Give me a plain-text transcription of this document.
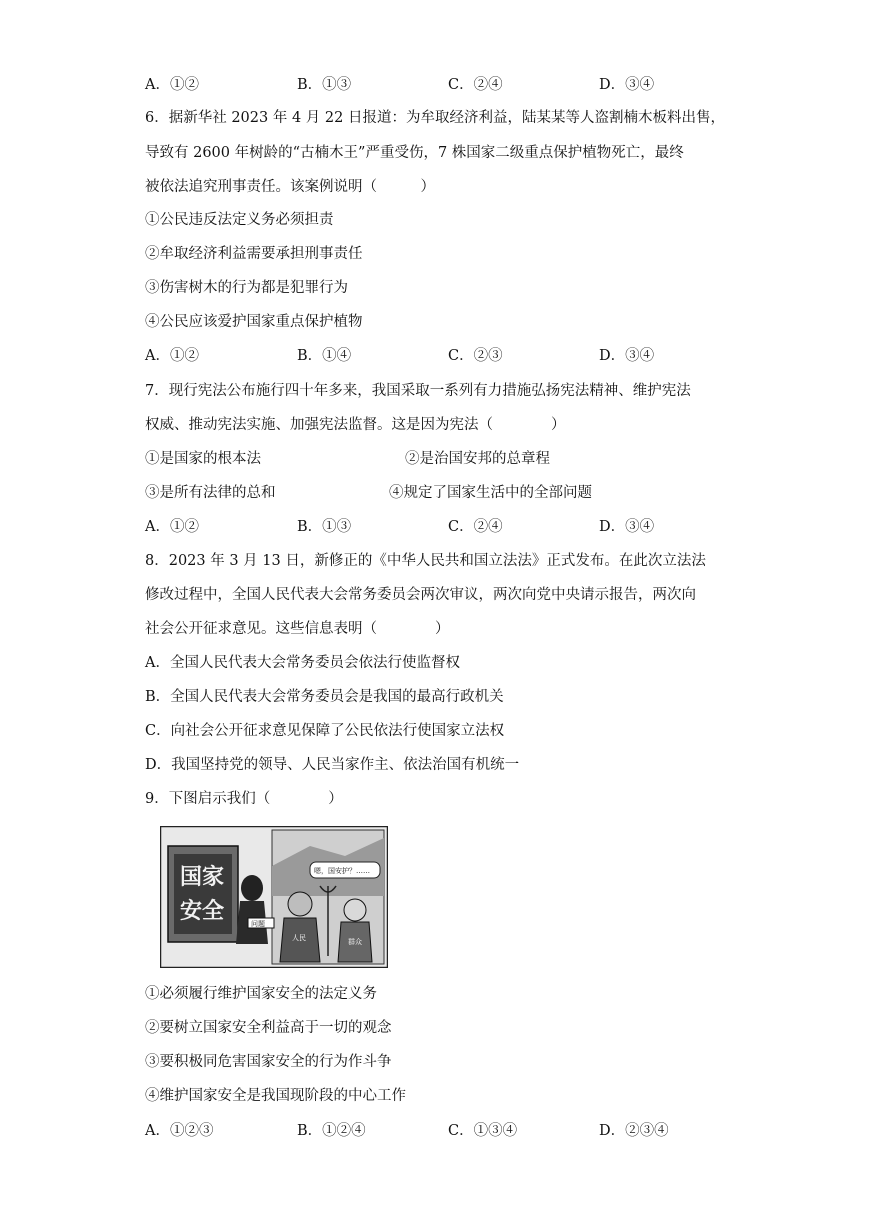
A．①②	B．①③	C．②④	D．③④
6．据新华社 2023 年 4 月 22 日报道：为牟取经济利益，陆某某等人盗割楠木板料出售，
导致有 2600 年树龄的“古楠木王”严重受伤，7 株国家二级重点保护植物死亡，最终
被依法追究刑事责任。该案例说明（　　　）
①公民违反法定义务必须担责
②牟取经济利益需要承担刑事责任
③伤害树木的行为都是犯罪行为
④公民应该爱护国家重点保护植物
A．①②	B．①④	C．②③	D．③④
7．现行宪法公布施行四十年多来，我国采取一系列有力措施弘扬宪法精神、维护宪法
权威、推动宪法实施、加强宪法监督。这是因为宪法（　　　　）
①是国家的根本法	②是治国安邦的总章程
③是所有法律的总和	④规定了国家生活中的全部问题
A．①②	B．①③	C．②④	D．③④
8．2023 年 3 月 13 日，新修正的《中华人民共和国立法法》正式发布。在此次立法法
修改过程中，全国人民代表大会常务委员会两次审议，两次向党中央请示报告，两次向
社会公开征求意见。这些信息表明（　　　　）
A．全国人民代表大会常务委员会依法行使监督权
B．全国人民代表大会常务委员会是我国的最高行政机关
C．向社会公开征求意见保障了公民依法行使国家立法权
D．我国坚持党的领导、人民当家作主、依法治国有机统一
9．下图启示我们（　　　　）
国家
安全	问题
嗯，国安护？……
人民	群众
①必须履行维护国家安全的法定义务
②要树立国家安全利益高于一切的观念
③要积极同危害国家安全的行为作斗争
④维护国家安全是我国现阶段的中心工作
A．①②③	B．①②④	C．①③④	D．②③④
